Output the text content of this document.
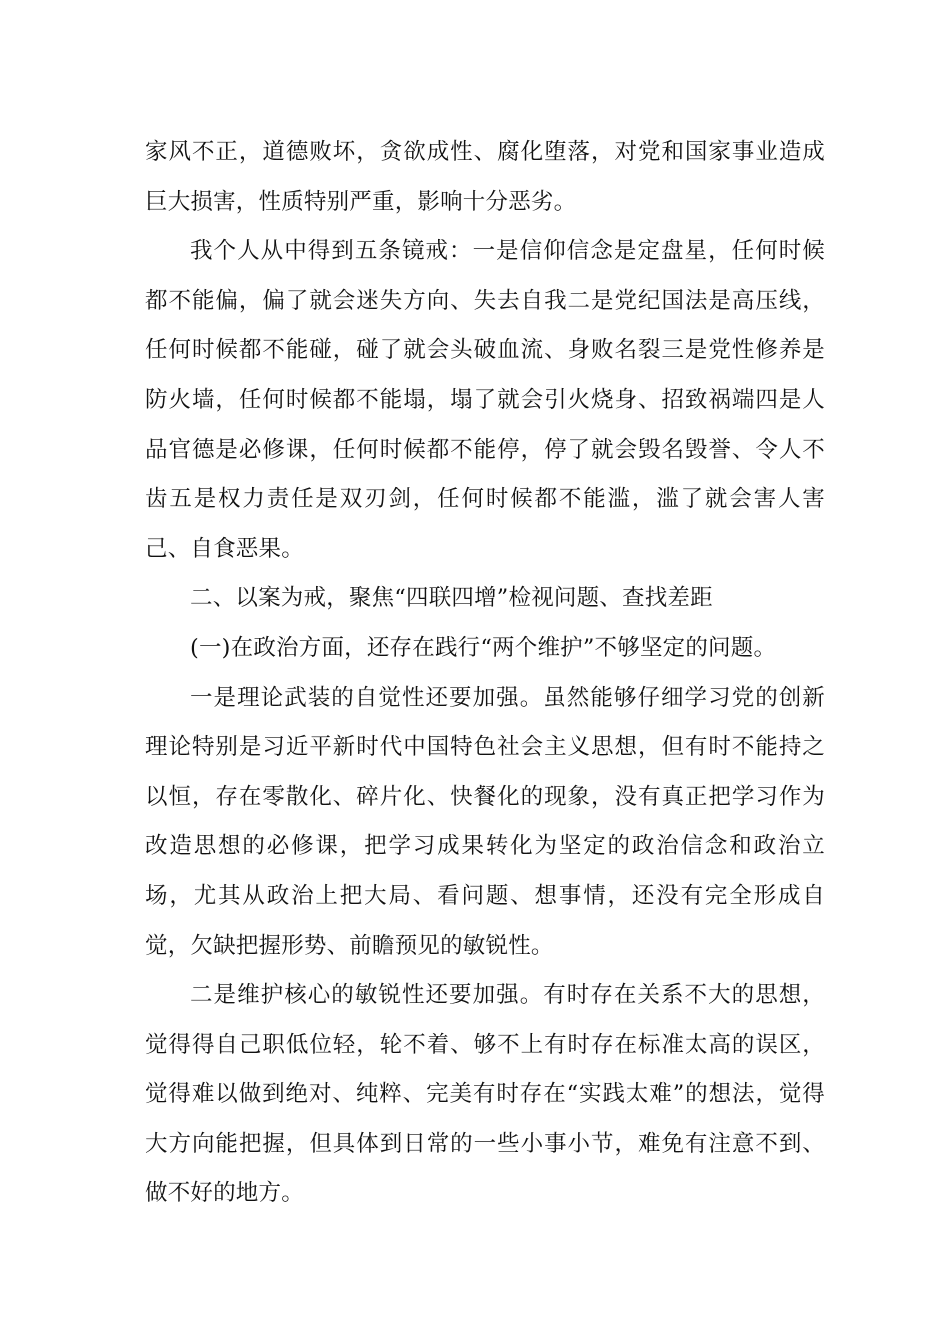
家风不正，道德败坏，贪欲成性、腐化堕落，对党和国家事业造成巨大损害，性质特别严重，影响十分恶劣。

我个人从中得到五条镜戒：一是信仰信念是定盘星，任何时候都不能偏，偏了就会迷失方向、失去自我二是党纪国法是高压线，任何时候都不能碰，碰了就会头破血流、身败名裂三是党性修养是防火墙，任何时候都不能塌，塌了就会引火烧身、招致祸端四是人品官德是必修课，任何时候都不能停，停了就会毁名毁誉、令人不齿五是权力责任是双刃剑，任何时候都不能滥，滥了就会害人害己、自食恶果。

二、以案为戒，聚焦“四联四增”检视问题、查找差距

(一)在政治方面，还存在践行“两个维护”不够坚定的问题。

一是理论武装的自觉性还要加强。虽然能够仔细学习党的创新理论特别是习近平新时代中国特色社会主义思想，但有时不能持之以恒，存在零散化、碎片化、快餐化的现象，没有真正把学习作为改造思想的必修课，把学习成果转化为坚定的政治信念和政治立场，尤其从政治上把大局、看问题、想事情，还没有完全形成自觉，欠缺把握形势、前瞻预见的敏锐性。

二是维护核心的敏锐性还要加强。有时存在关系不大的思想，觉得得自己职低位轻，轮不着、够不上有时存在标准太高的误区，觉得难以做到绝对、纯粹、完美有时存在“实践太难”的想法，觉得大方向能把握，但具体到日常的一些小事小节，难免有注意不到、做不好的地方。
